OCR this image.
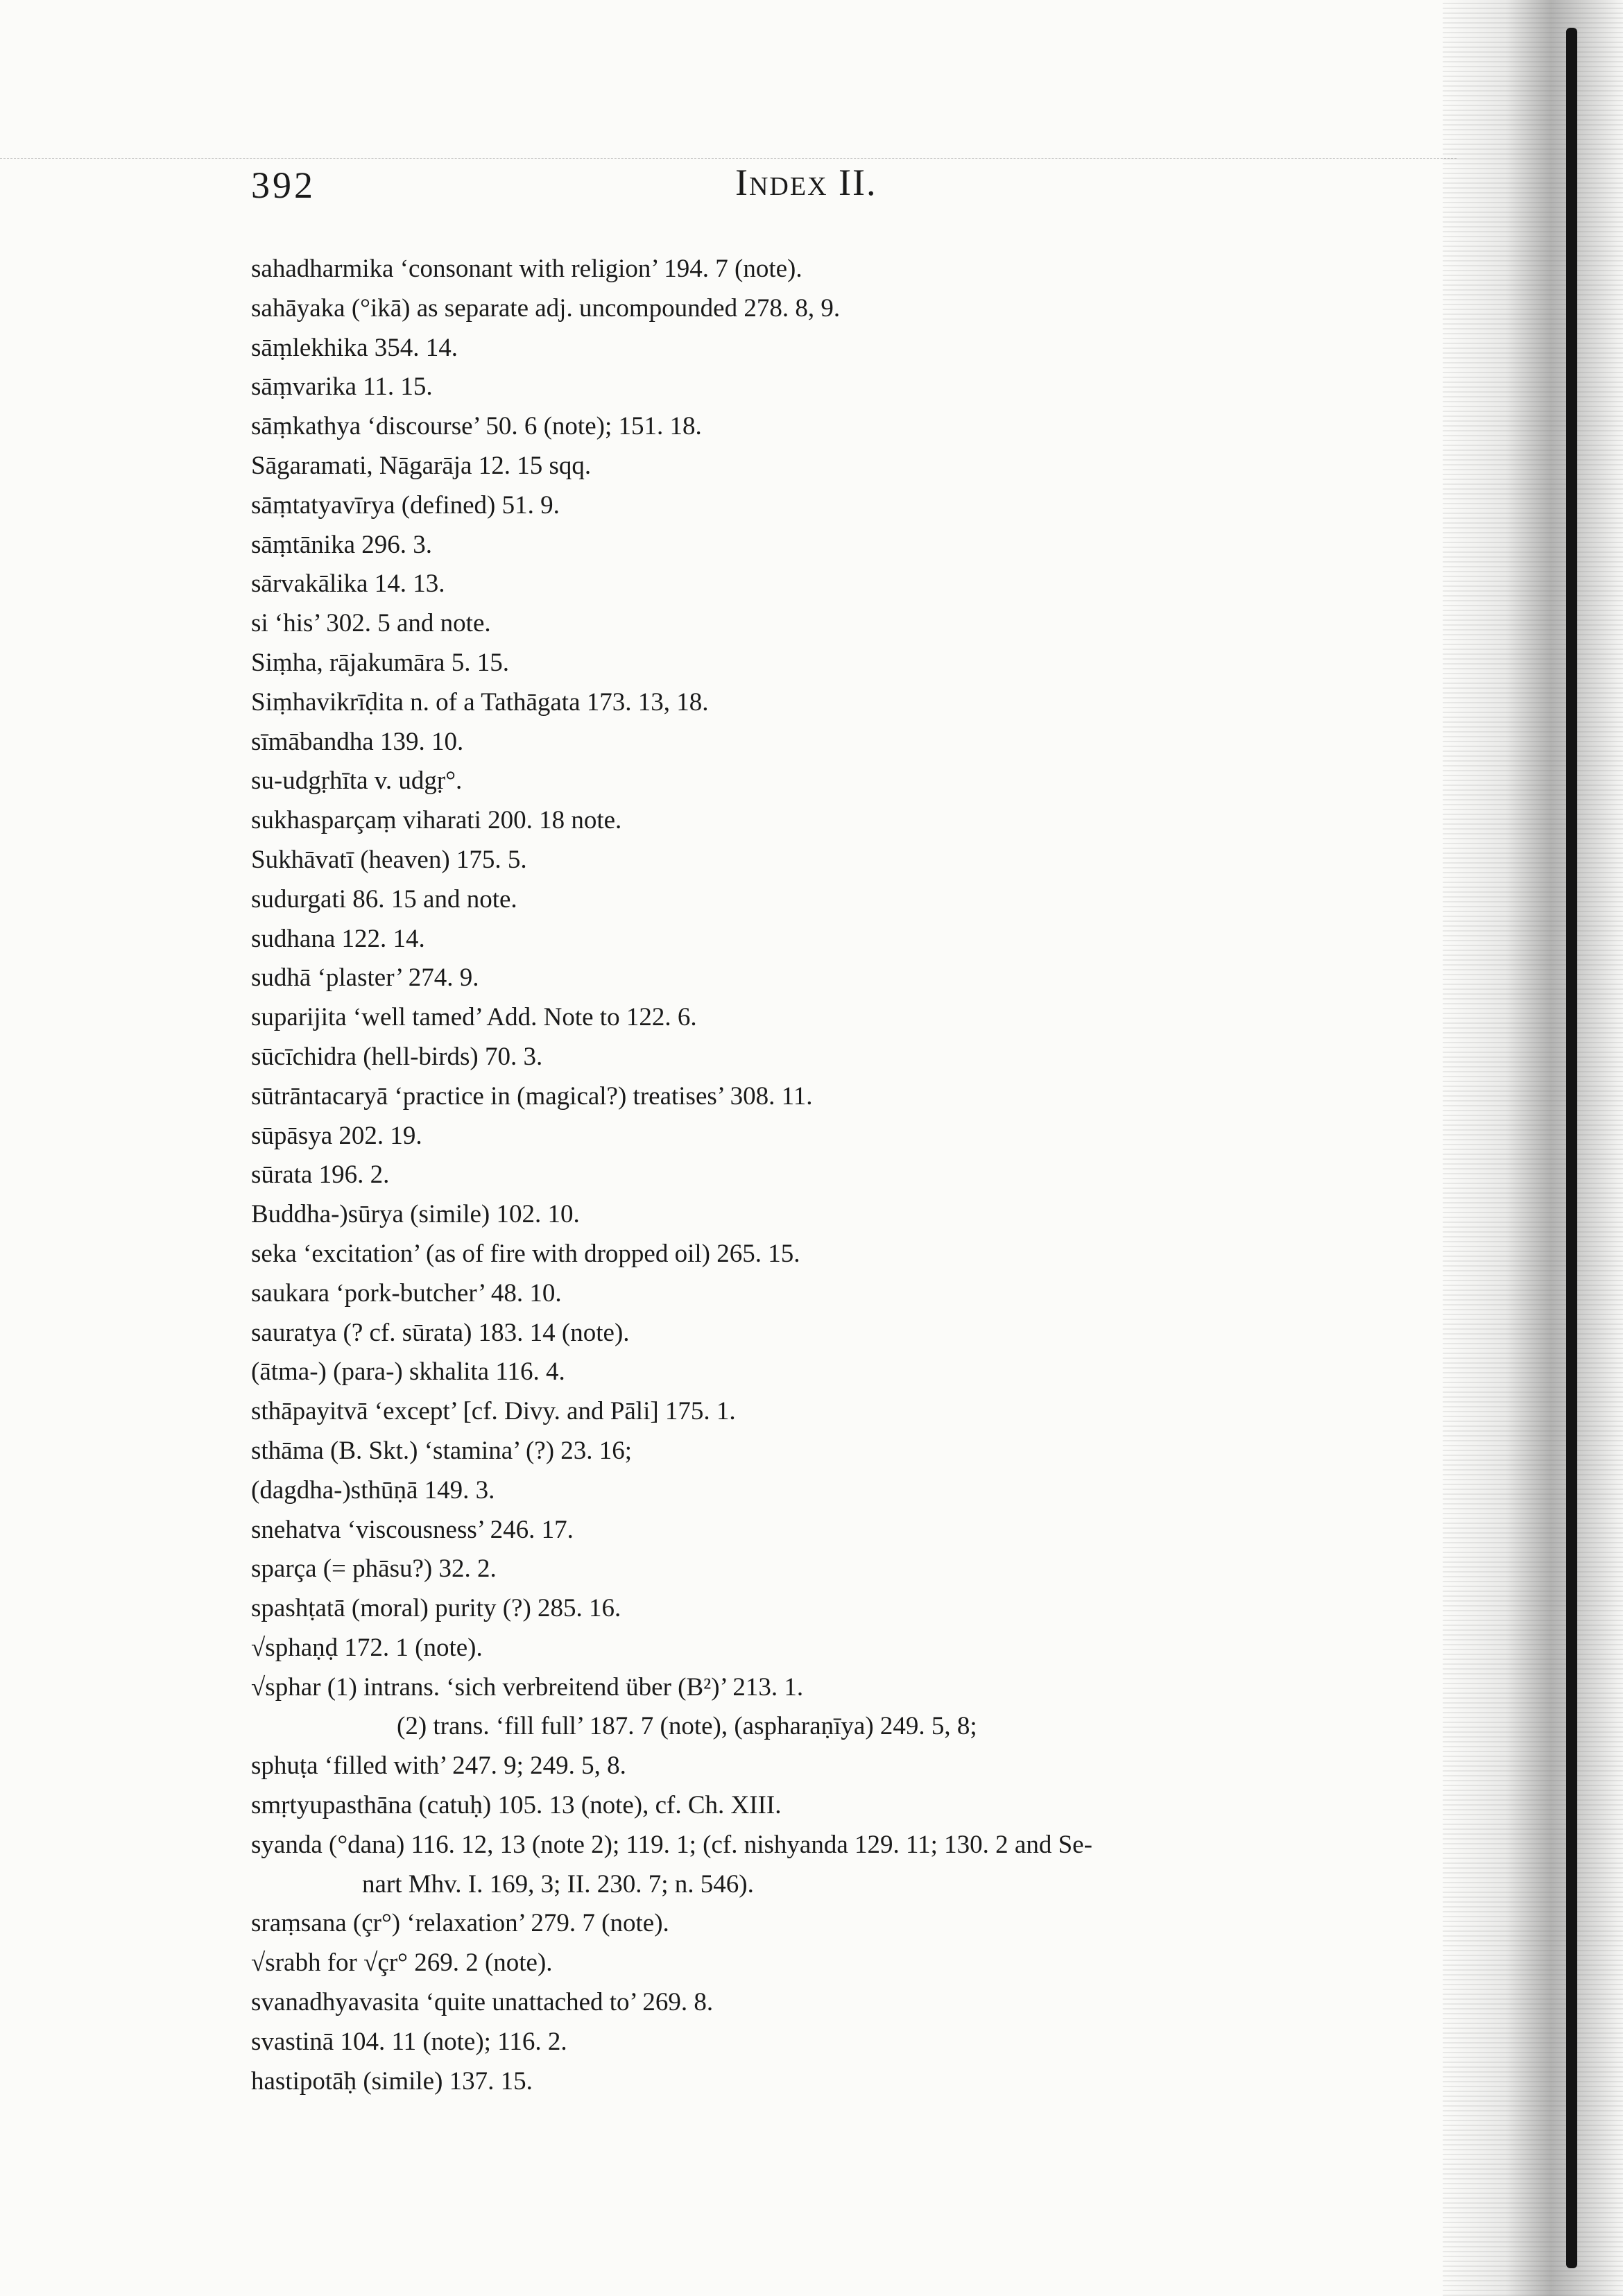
392	Index II.
sahadharmika ‘consonant with religion’ 194. 7 (note).
sahāyaka (°ikā) as separate adj. uncompounded 278. 8, 9.
sāṃlekhika 354. 14.
sāṃvarika 11. 15.
sāṃkathya ‘discourse’ 50. 6 (note); 151. 18.
Sāgaramati, Nāgarāja 12. 15 sqq.
sāṃtatyavīrya (defined) 51. 9.
sāṃtānika 296. 3.
sārvakālika 14. 13.
si ‘his’ 302. 5 and note.
Siṃha, rājakumāra 5. 15.
Siṃhavikrīḍita n. of a Tathāgata 173. 13, 18.
sīmābandha 139. 10.
su-udgṛhīta v. udgṛ°.
sukhasparçaṃ viharati 200. 18 note.
Sukhāvatī (heaven) 175. 5.
sudurgati 86. 15 and note.
sudhana 122. 14.
sudhā ‘plaster’ 274. 9.
suparijita ‘well tamed’ Add. Note to 122. 6.
sūcīchidra (hell-birds) 70. 3.
sūtrāntacaryā ‘practice in (magical?) treatises’ 308. 11.
sūpāsya 202. 19.
sūrata 196. 2.
Buddha-)sūrya (simile) 102. 10.
seka ‘excitation’ (as of fire with dropped oil) 265. 15.
saukara ‘pork-butcher’ 48. 10.
sauratya (? cf. sūrata) 183. 14 (note).
(ātma-) (para-) skhalita 116. 4.
sthāpayitvā ‘except’ [cf. Divy. and Pāli] 175. 1.
sthāma (B. Skt.) ‘stamina’ (?) 23. 16;
(dagdha-)sthūṇā 149. 3.
snehatva ‘viscousness’ 246. 17.
sparça (= phāsu?) 32. 2.
spashṭatā (moral) purity (?) 285. 16.
√sphaṇḍ 172. 1 (note).
√sphar (1) intrans. ‘sich verbreitend über (B²)’ 213. 1.
(2) trans. ‘fill full’ 187. 7 (note), (aspharaṇīya) 249. 5, 8;
sphuṭa ‘filled with’ 247. 9; 249. 5, 8.
smṛtyupasthāna (catuḥ) 105. 13 (note), cf. Ch. XIII.
syanda (°dana) 116. 12, 13 (note 2); 119. 1; (cf. nishyanda 129. 11; 130. 2 and Se-
nart Mhv. I. 169, 3; II. 230. 7; n. 546).
sraṃsana (çr°) ‘relaxation’ 279. 7 (note).
√srabh for √çr° 269. 2 (note).
svanadhyavasita ‘quite unattached to’ 269. 8.
svastinā 104. 11 (note); 116. 2.
hastipotāḥ (simile) 137. 15.
